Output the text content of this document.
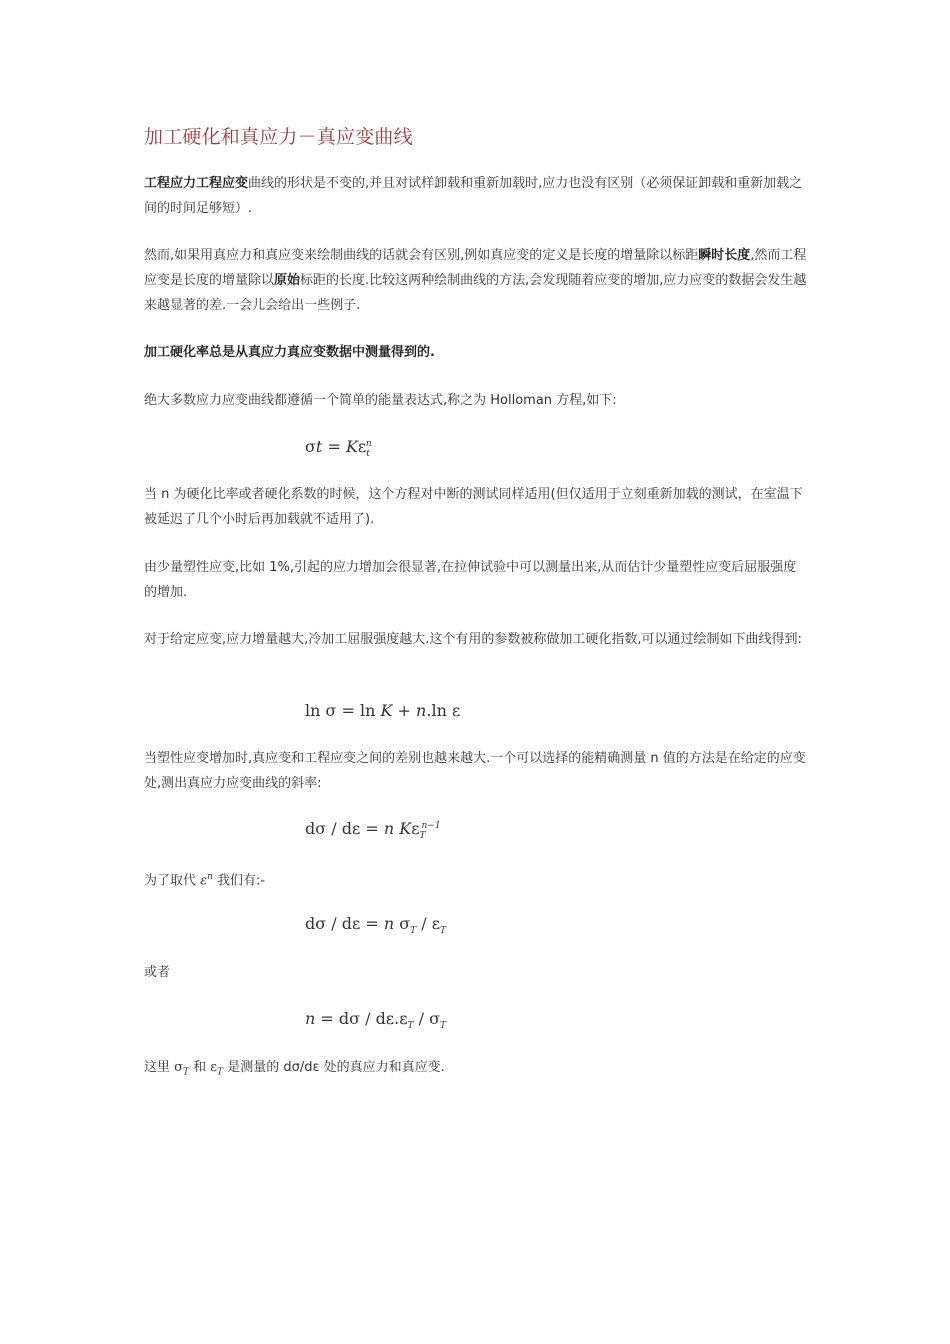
加工硬化和真应力－真应变曲线
工程应力工程应变曲线的形状是不变的,并且对试样卸载和重新加载时,应力也没有区别（必须保证卸载和重新加载之间的时间足够短）.
然而,如果用真应力和真应变来绘制曲线的话就会有区别,例如真应变的定义是长度的增量除以标距瞬时长度,然而工程应变是长度的增量除以原始标距的长度.比较这两种绘制曲线的方法,会发现随着应变的增加,应力应变的数据会发生越来越显著的差.一会儿会给出一些例子.
加工硬化率总是从真应力真应变数据中测量得到的.
绝大多数应力应变曲线都遵循一个简单的能量表达式,称之为 Holloman 方程,如下:
$\sigma t = K\varepsilon_t^n$
当 n 为硬化比率或者硬化系数的时候，这个方程对中断的测试同样适用(但仅适用于立刻重新加载的测试，在室温下被延迟了几个小时后再加载就不适用了).
由少量塑性应变,比如 1%,引起的应力增加会很显著,在拉伸试验中可以测量出来,从而估计少量塑性应变后屈服强度的增加.
对于给定应变,应力增量越大,冷加工屈服强度越大.这个有用的参数被称做加工硬化指数,可以通过绘制如下曲线得到:
ln σ = ln K + n.ln ε
当塑性应变增加时,真应变和工程应变之间的差别也越来越大.一个可以选择的能精确测量 n 值的方法是在给定的应变处,测出真应力应变曲线的斜率:
dσ / dε = n $K\varepsilon_T^{n-1}$
为了取代 $\varepsilon^n$ 我们有:-
dσ / dε = n $\sigma_T / \varepsilon_T$
或者
$n = d\sigma / d\varepsilon.\varepsilon_T / \sigma_T$
这里 $\sigma_T$ 和 $\varepsilon_T$ 是测量的 dσ/dε 处的真应力和真应变.
